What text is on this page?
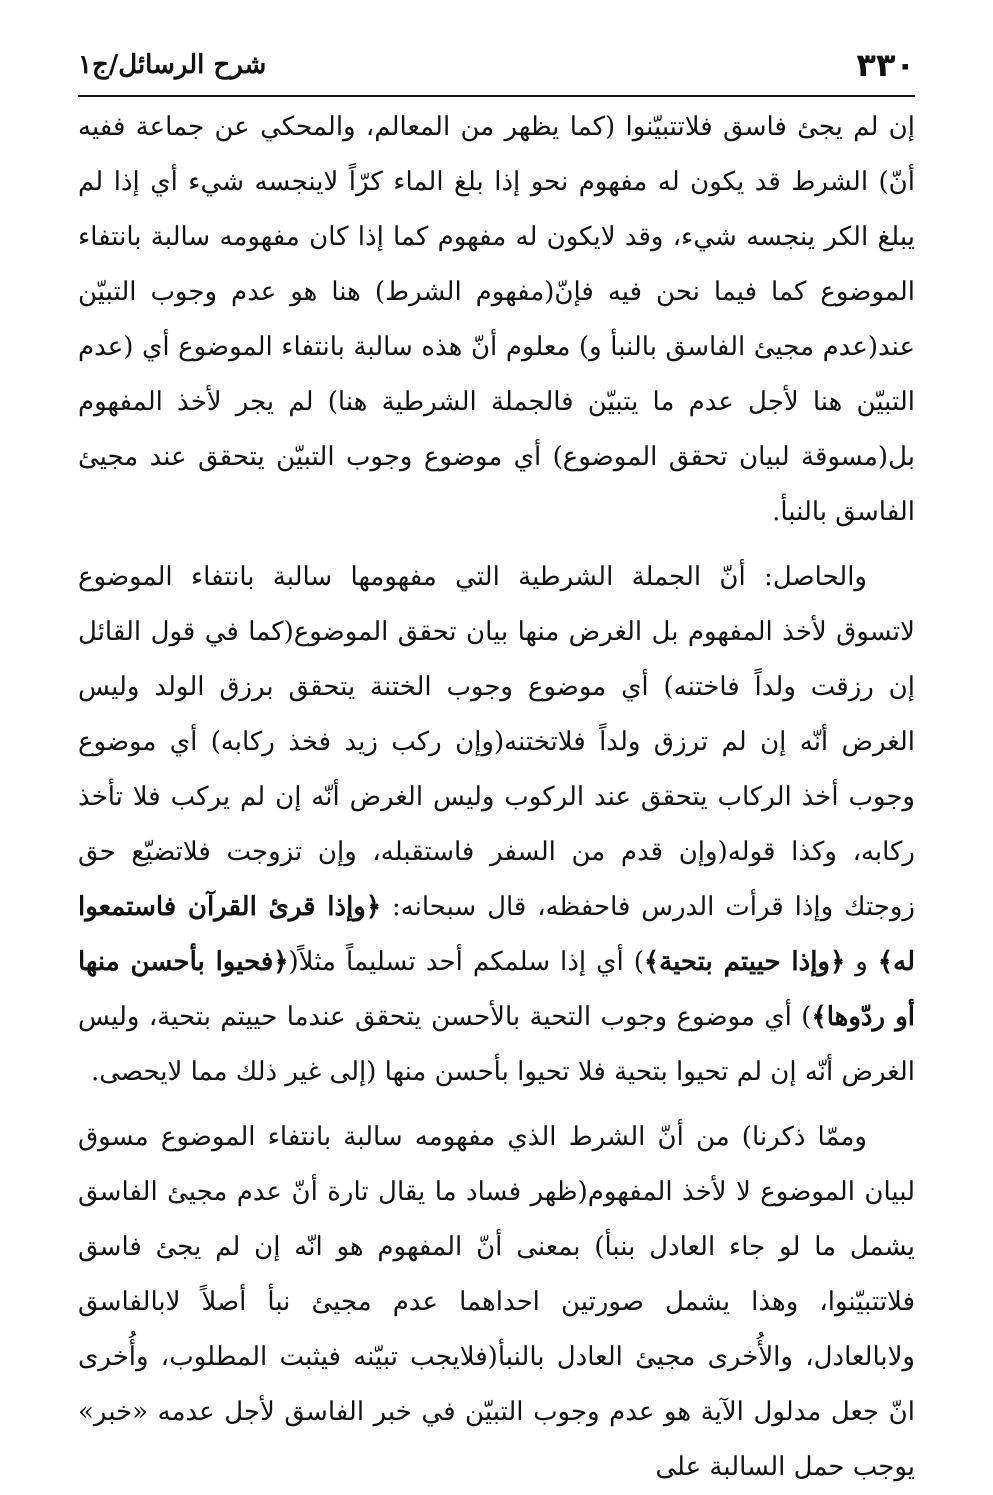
٣٣٠
شرح الرسائل/ج١

إن لم يجئ فاسق فلاتتبيّنوا (كما يظهر من المعالم، والمحكي عن جماعة ففيه أنّ) الشرط قد يكون له مفهوم نحو إذا بلغ الماء كرّاً لاينجسه شيء أي إذا لم يبلغ الكر ينجسه شيء، وقد لايكون له مفهوم كما إذا كان مفهومه سالبة بانتفاء الموضوع كما فيما نحن فيه فإنّ(مفهوم الشرط) هنا هو عدم وجوب التبيّن عند(عدم مجيئ الفاسق بالنبأ و) معلوم أنّ هذه سالبة بانتفاء الموضوع أي (عدم التبيّن هنا لأجل عدم ما يتبيّن فالجملة الشرطية هنا) لم يجر لأخذ المفهوم بل(مسوقة لبيان تحقق الموضوع) أي موضوع وجوب التبيّن يتحقق عند مجيئ الفاسق بالنبأ.

والحاصل: أنّ الجملة الشرطية التي مفهومها سالبة بانتفاء الموضوع لاتسوق لأخذ المفهوم بل الغرض منها بيان تحقق الموضوع(كما في قول القائل إن رزقت ولداً فاختنه) أي موضوع وجوب الختنة يتحقق برزق الولد وليس الغرض أنّه إن لم ترزق ولداً فلاتختنه(وإن ركب زيد فخذ ركابه) أي موضوع وجوب أخذ الركاب يتحقق عند الركوب وليس الغرض أنّه إن لم يركب فلا تأخذ ركابه، وكذا قوله(وإن قدم من السفر فاستقبله، وإن تزوجت فلاتضيّع حق زوجتك وإذا قرأت الدرس فاحفظه، قال سبحانه: ﴿وإذا قرئ القرآن فاستمعوا له﴾ و ﴿وإذا حييتم بتحية﴾) أي إذا سلمكم أحد تسليماً مثلاً(﴿فحيوا بأحسن منها أو ردّوها﴾) أي موضوع وجوب التحية بالأحسن يتحقق عندما حييتم بتحية، وليس الغرض أنّه إن لم تحيوا بتحية فلا تحيوا بأحسن منها (إلى غير ذلك مما لايحصى.

وممّا ذكرنا) من أنّ الشرط الذي مفهومه سالبة بانتفاء الموضوع مسوق لبيان الموضوع لا لأخذ المفهوم(ظهر فساد ما يقال تارة أنّ عدم مجيئ الفاسق يشمل ما لو جاء العادل بنبأ) بمعنى أنّ المفهوم هو انّه إن لم يجئ فاسق فلاتتبيّنوا، وهذا يشمل صورتين احداهما عدم مجيئ نبأ أصلاً لابالفاسق ولابالعادل، والأُخرى مجيئ العادل بالنبأ(فلايجب تبيّنه فيثبت المطلوب، وأُخرى انّ جعل مدلول الآية هو عدم وجوب التبيّن في خبر الفاسق لأجل عدمه «خبر» يوجب حمل السالبة على
